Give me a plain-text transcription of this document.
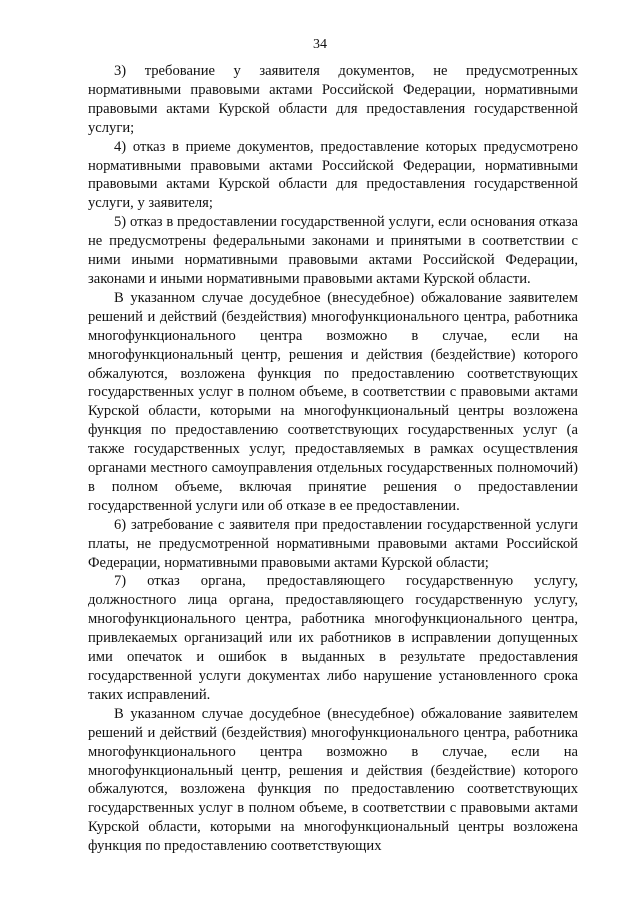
34

3) требование у заявителя документов, не предусмотренных нормативными правовыми актами Российской Федерации, нормативными правовыми актами Курской области для предоставления государственной услуги;

4) отказ в приеме документов, предоставление которых предусмотрено нормативными правовыми актами Российской Федерации, нормативными правовыми актами Курской области для предоставления государственной услуги, у заявителя;

5) отказ в предоставлении государственной услуги, если основания отказа не предусмотрены федеральными законами и принятыми в соответствии с ними иными нормативными правовыми актами Российской Федерации, законами и иными нормативными правовыми актами Курской области.

В указанном случае досудебное (внесудебное) обжалование заявителем решений и действий (бездействия) многофункционального центра, работника многофункционального центра возможно в случае, если на многофункциональный центр, решения и действия (бездействие) которого обжалуются, возложена функция по предоставлению соответствующих государственных услуг в полном объеме, в соответствии с правовыми актами Курской области, которыми на многофункциональный центры возложена функция по предоставлению соответствующих государственных услуг (а также государственных услуг, предоставляемых в рамках осуществления органами местного самоуправления отдельных государственных полномочий) в полном объеме, включая принятие решения о предоставлении государственной услуги или об отказе в ее предоставлении.

6) затребование с заявителя при предоставлении государственной услуги платы, не предусмотренной нормативными правовыми актами Российской Федерации, нормативными правовыми актами Курской области;

7) отказ органа, предоставляющего государственную услугу, должностного лица органа, предоставляющего государственную услугу, многофункционального центра, работника многофункционального центра, привлекаемых организаций или их работников в исправлении допущенных ими опечаток и ошибок в выданных в результате предоставления государственной услуги документах либо нарушение установленного срока таких исправлений.

В указанном случае досудебное (внесудебное) обжалование заявителем решений и действий (бездействия) многофункционального центра, работника многофункционального центра возможно в случае, если на многофункциональный центр, решения и действия (бездействие) которого обжалуются, возложена функция по предоставлению соответствующих государственных услуг в полном объеме, в соответствии с правовыми актами Курской области, которыми на многофункциональный центры возложена функция по предоставлению соответствующих
